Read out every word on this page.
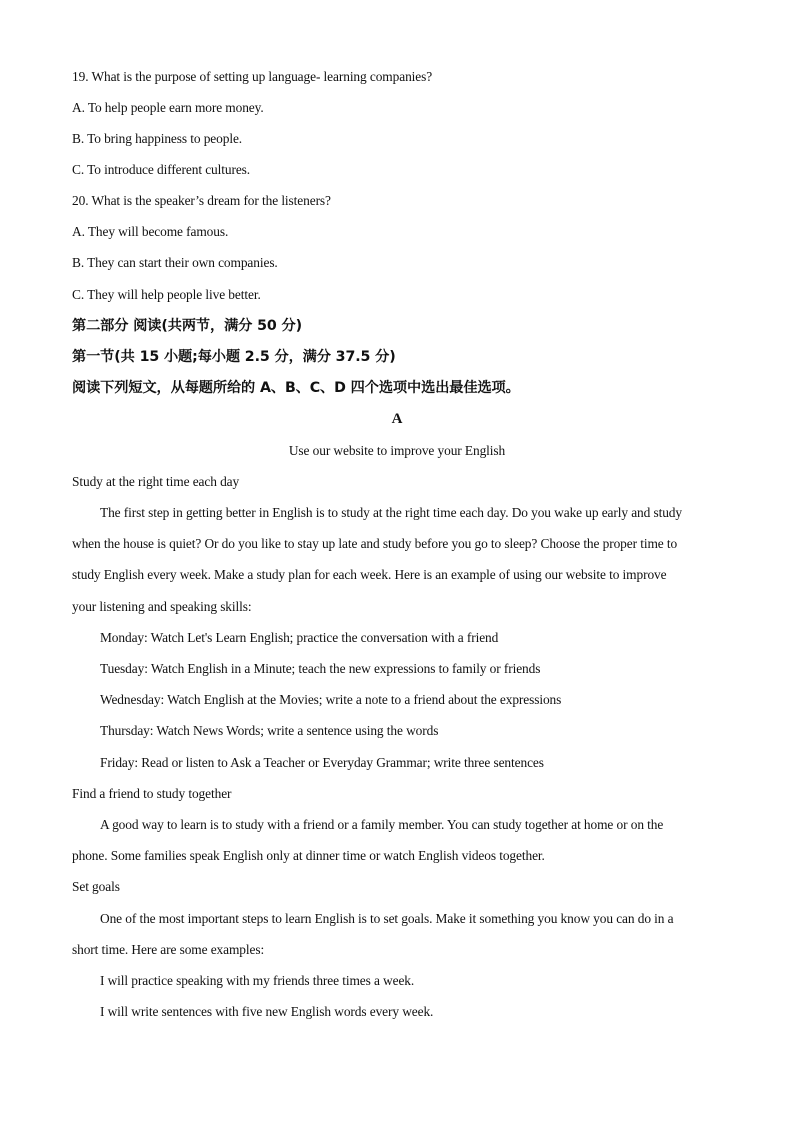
19. What is the purpose of setting up language- learning companies?
A. To help people earn more money.
B. To bring happiness to people.
C. To introduce different cultures.
20. What is the speaker’s dream for the listeners?
A. They will become famous.
B. They can start their own companies.
C. They will help people live better.
第二部分 阅读(共两节，满分 50 分)
第一节(共 15 小题;每小题 2.5 分，满分 37.5 分)
阅读下列短文，从每题所给的 A、B、C、D 四个选项中选出最佳选项。
A
Use our website to improve your English
Study at the right time each day
The first step in getting better in English is to study at the right time each day. Do you wake up early and study
when the house is quiet? Or do you like to stay up late and study before you go to sleep? Choose the proper time to
study English every week. Make a study plan for each week. Here is an example of using our website to improve
your listening and speaking skills:
Monday: Watch Let's Learn English; practice the conversation with a friend
Tuesday: Watch English in a Minute; teach the new expressions to family or friends
Wednesday: Watch English at the Movies; write a note to a friend about the expressions
Thursday: Watch News Words; write a sentence using the words
Friday: Read or listen to Ask a Teacher or Everyday Grammar; write three sentences
Find a friend to study together
A good way to learn is to study with a friend or a family member. You can study together at home or on the
phone. Some families speak English only at dinner time or watch English videos together.
Set goals
One of the most important steps to learn English is to set goals. Make it something you know you can do in a
short time. Here are some examples:
I will practice speaking with my friends three times a week.
I will write sentences with five new English words every week.
